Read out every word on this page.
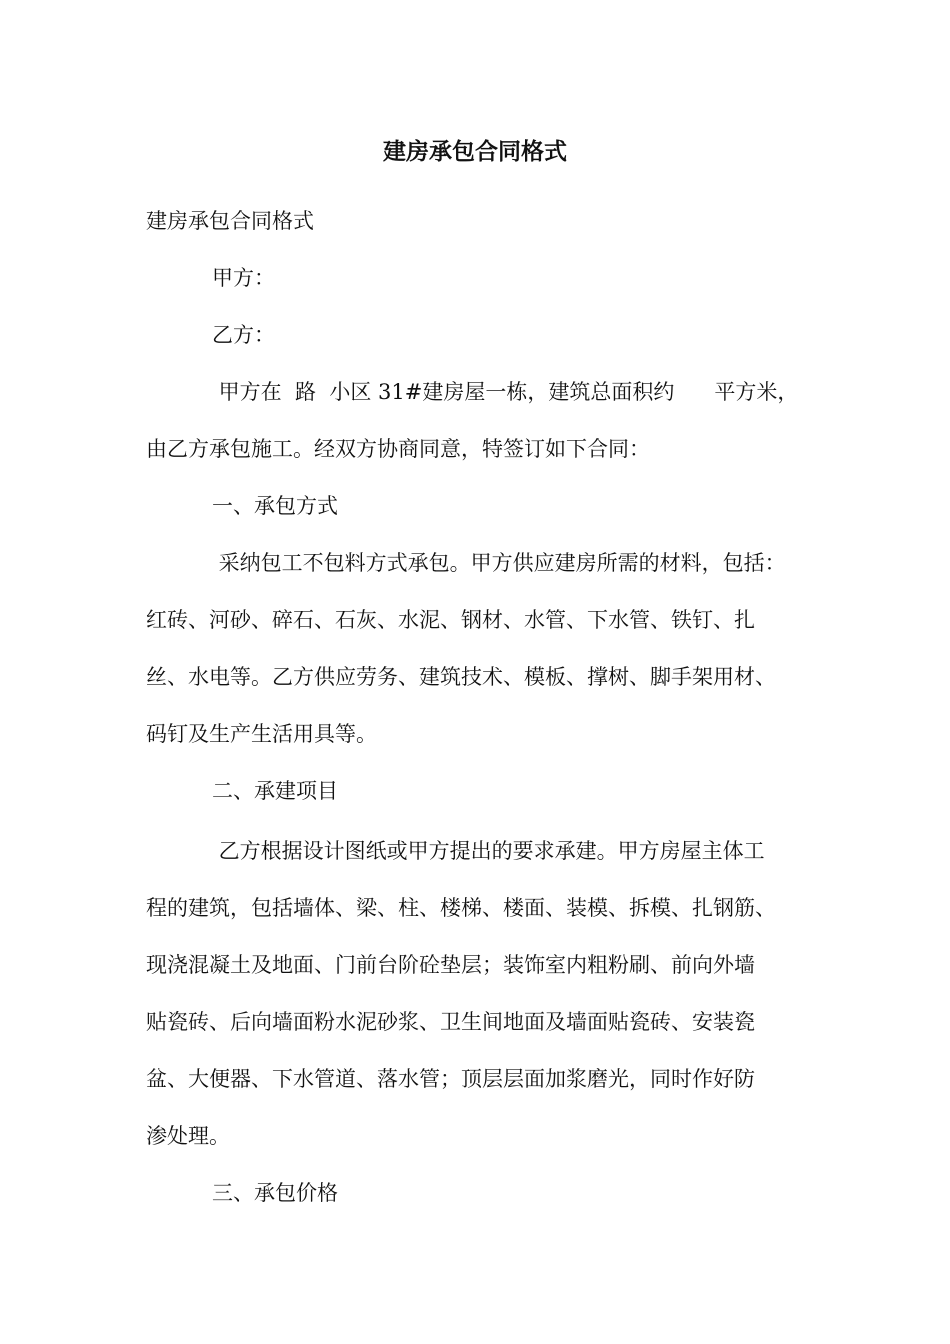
建房承包合同格式
建房承包合同格式
甲方：
乙方：
甲方在  路  小区 31#建房屋一栋，建筑总面积约      平方米，
由乙方承包施工。经双方协商同意，特签订如下合同：
一、承包方式
采纳包工不包料方式承包。甲方供应建房所需的材料，包括：
红砖、河砂、碎石、石灰、水泥、钢材、水管、下水管、铁钉、扎
丝、水电等。乙方供应劳务、建筑技术、模板、撑树、脚手架用材、
码钉及生产生活用具等。
二、承建项目
乙方根据设计图纸或甲方提出的要求承建。甲方房屋主体工
程的建筑，包括墙体、梁、柱、楼梯、楼面、装模、拆模、扎钢筋、
现浇混凝土及地面、门前台阶砼垫层；装饰室内粗粉刷、前向外墙
贴瓷砖、后向墙面粉水泥砂浆、卫生间地面及墙面贴瓷砖、安装瓷
盆、大便器、下水管道、落水管；顶层层面加浆磨光，同时作好防
渗处理。
三、承包价格
